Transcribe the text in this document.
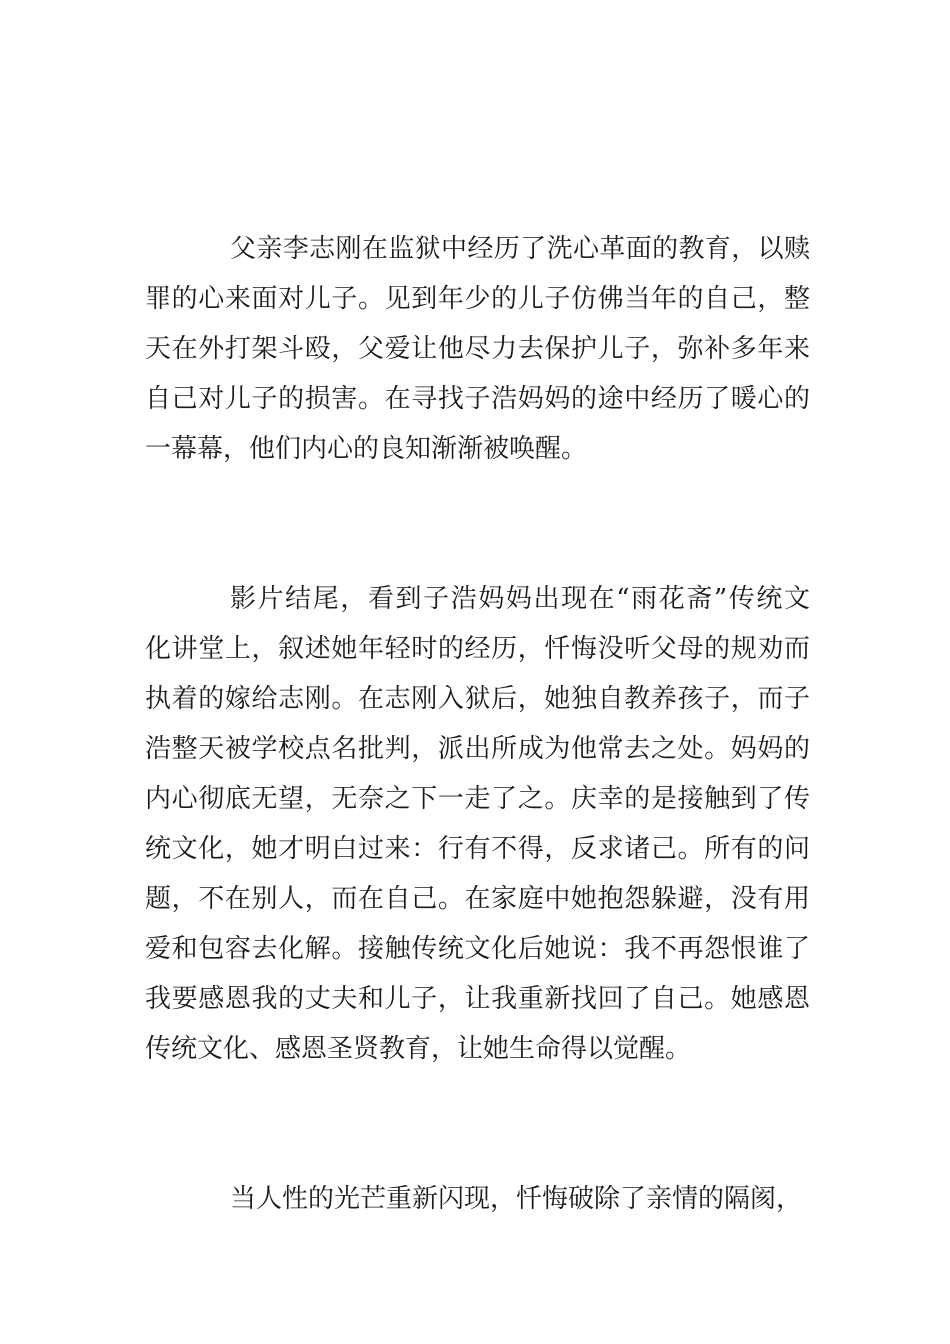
父亲李志刚在监狱中经历了洗心革面的教育，以赎
罪的心来面对儿子。见到年少的儿子仿佛当年的自己，整
天在外打架斗殴，父爱让他尽力去保护儿子，弥补多年来
自己对儿子的损害。在寻找子浩妈妈的途中经历了暖心的
一幕幕，他们内心的良知渐渐被唤醒。
影片结尾，看到子浩妈妈出现在“雨花斋”传统文
化讲堂上，叙述她年轻时的经历，忏悔没听父母的规劝而
执着的嫁给志刚。在志刚入狱后，她独自教养孩子，而子
浩整天被学校点名批判，派出所成为他常去之处。妈妈的
内心彻底无望，无奈之下一走了之。庆幸的是接触到了传
统文化，她才明白过来：行有不得，反求诸己。所有的问
题，不在别人，而在自己。在家庭中她抱怨躲避，没有用
爱和包容去化解。接触传统文化后她说：我不再怨恨谁了
我要感恩我的丈夫和儿子，让我重新找回了自己。她感恩
传统文化、感恩圣贤教育，让她生命得以觉醒。
当人性的光芒重新闪现，忏悔破除了亲情的隔阂，
